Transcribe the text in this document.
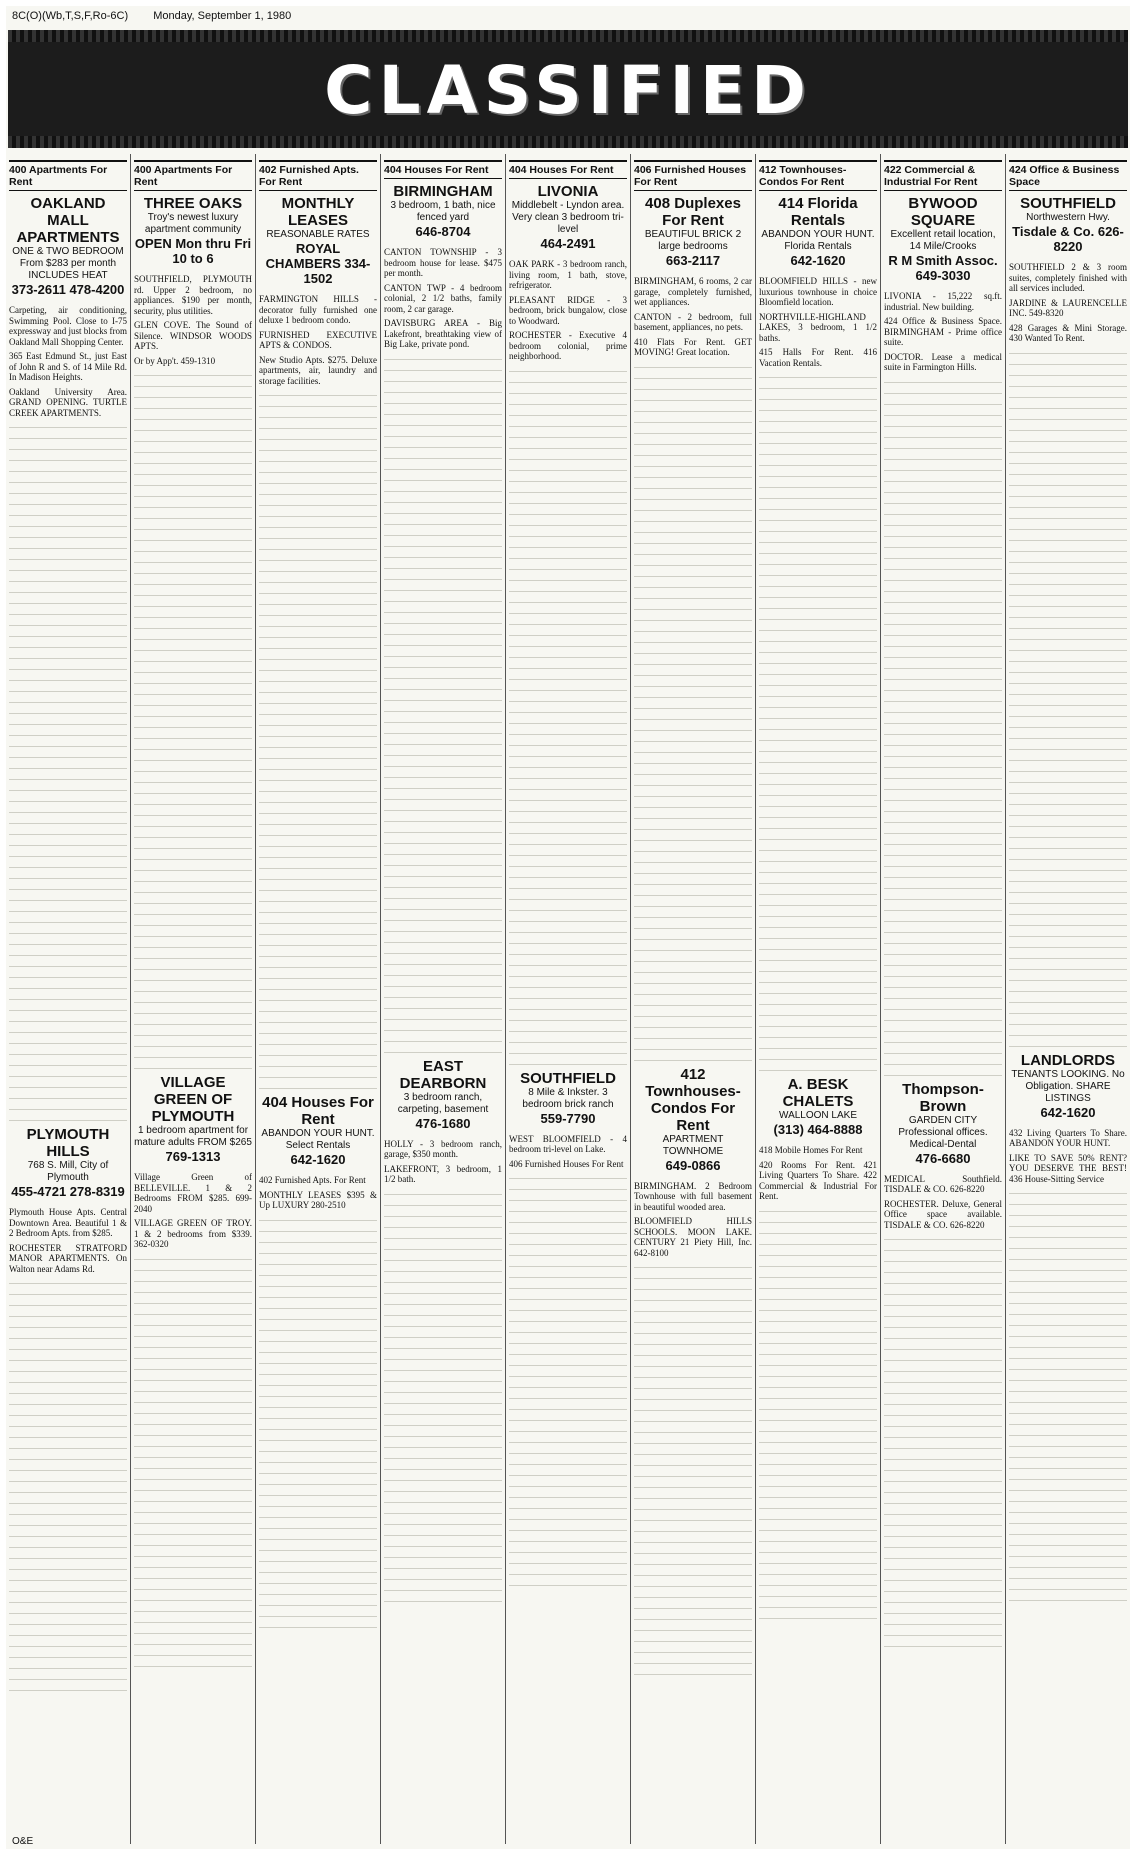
8C(O)(Wb,T,S,F,Ro-6C) Monday, September 1, 1980
CLASSIFIED
400 Apartments For Rent
OAKLAND MALL APARTMENTS
ONE & TWO BEDROOM From $283 per month INCLUDES HEAT
373-2611 478-4200

Carpeting, air conditioning, Swimming Pool. Close to I-75 expressway and just blocks from Oakland Mall Shopping Center.

365 East Edmund St., just East of John R and S. of 14 Mile Rd. In Madison Heights.

Oakland University Area. GRAND OPENING. TURTLE CREEK APARTMENTS.

PLYMOUTH HILLS
768 S. Mill, City of Plymouth
455-4721 278-8319

Plymouth House Apts. Central Downtown Area. Beautiful 1 & 2 Bedroom Apts. from $285.

ROCHESTER STRATFORD MANOR APARTMENTS. On Walton near Adams Rd.

400 Apartments For Rent
THREE OAKS
Troy's newest luxury apartment community
OPEN Mon thru Fri 10 to 6

SOUTHFIELD, PLYMOUTH rd. Upper 2 bedroom, no appliances. $190 per month, security, plus utilities.

GLEN COVE. The Sound of Silence. WINDSOR WOODS APTS.

Or by App't. 459-1310

VILLAGE GREEN OF PLYMOUTH
1 bedroom apartment for mature adults FROM $265
769-1313

Village Green of BELLEVILLE. 1 & 2 Bedrooms FROM $285. 699-2040

VILLAGE GREEN OF TROY. 1 & 2 bedrooms from $339. 362-0320

402 Furnished Apts. For Rent
MONTHLY LEASES
REASONABLE RATES
ROYAL CHAMBERS 334-1502

FARMINGTON HILLS - decorator fully furnished one deluxe 1 bedroom condo.

FURNISHED EXECUTIVE APTS & CONDOS.

New Studio Apts. $275. Deluxe apartments, air, laundry and storage facilities.

404 Houses For Rent
ABANDON YOUR HUNT. Select Rentals
642-1620

402 Furnished Apts. For Rent

MONTHLY LEASES $395 & Up LUXURY 280-2510

404 Houses For Rent
BIRMINGHAM
3 bedroom, 1 bath, nice fenced yard
646-8704

CANTON TOWNSHIP - 3 bedroom house for lease. $475 per month.

CANTON TWP - 4 bedroom colonial, 2 1/2 baths, family room, 2 car garage.

DAVISBURG AREA - Big Lakefront, breathtaking view of Big Lake, private pond.

EAST DEARBORN
3 bedroom ranch, carpeting, basement
476-1680

HOLLY - 3 bedroom ranch, garage, $350 month.

LAKEFRONT, 3 bedroom, 1 1/2 bath.

404 Houses For Rent
LIVONIA
Middlebelt - Lyndon area. Very clean 3 bedroom tri-level
464-2491

OAK PARK - 3 bedroom ranch, living room, 1 bath, stove, refrigerator.

PLEASANT RIDGE - 3 bedroom, brick bungalow, close to Woodward.

ROCHESTER - Executive 4 bedroom colonial, prime neighborhood.

SOUTHFIELD
8 Mile & Inkster. 3 bedroom brick ranch
559-7790

WEST BLOOMFIELD - 4 bedroom tri-level on Lake.

406 Furnished Houses For Rent

406 Furnished Houses For Rent
408 Duplexes For Rent
BEAUTIFUL BRICK 2 large bedrooms
663-2117

BIRMINGHAM, 6 rooms, 2 car garage, completely furnished, wet appliances.

CANTON - 2 bedroom, full basement, appliances, no pets.

410 Flats For Rent. GET MOVING! Great location.

412 Townhouses-Condos For Rent
APARTMENT TOWNHOME
649-0866

BIRMINGHAM. 2 Bedroom Townhouse with full basement in beautiful wooded area.

BLOOMFIELD HILLS SCHOOLS. MOON LAKE. CENTURY 21 Piety Hill, Inc. 642-8100

412 Townhouses-Condos For Rent
414 Florida Rentals
ABANDON YOUR HUNT. Florida Rentals
642-1620

BLOOMFIELD HILLS - new luxurious townhouse in choice Bloomfield location.

NORTHVILLE-HIGHLAND LAKES, 3 bedroom, 1 1/2 baths.

415 Halls For Rent. 416 Vacation Rentals.

A. BESK CHALETS
WALLOON LAKE
(313) 464-8888

418 Mobile Homes For Rent

420 Rooms For Rent. 421 Living Quarters To Share. 422 Commercial & Industrial For Rent.

422 Commercial & Industrial For Rent
BYWOOD SQUARE
Excellent retail location, 14 Mile/Crooks
R M Smith Assoc. 649-3030

LIVONIA - 15,222 sq.ft. industrial. New building.

424 Office & Business Space. BIRMINGHAM - Prime office suite.

DOCTOR. Lease a medical suite in Farmington Hills.

Thompson-Brown
GARDEN CITY Professional offices. Medical-Dental
476-6680

MEDICAL Southfield. TISDALE & CO. 626-8220

ROCHESTER. Deluxe, General Office space available. TISDALE & CO. 626-8220

424 Office & Business Space
SOUTHFIELD
Northwestern Hwy.
Tisdale & Co. 626-8220

SOUTHFIELD 2 & 3 room suites, completely finished with all services included.

JARDINE & LAURENCELLE INC. 549-8320

428 Garages & Mini Storage. 430 Wanted To Rent.

LANDLORDS
TENANTS LOOKING. No Obligation. SHARE LISTINGS
642-1620

432 Living Quarters To Share. ABANDON YOUR HUNT.

LIKE TO SAVE 50% RENT? YOU DESERVE THE BEST! 436 House-Sitting Service

O&E
